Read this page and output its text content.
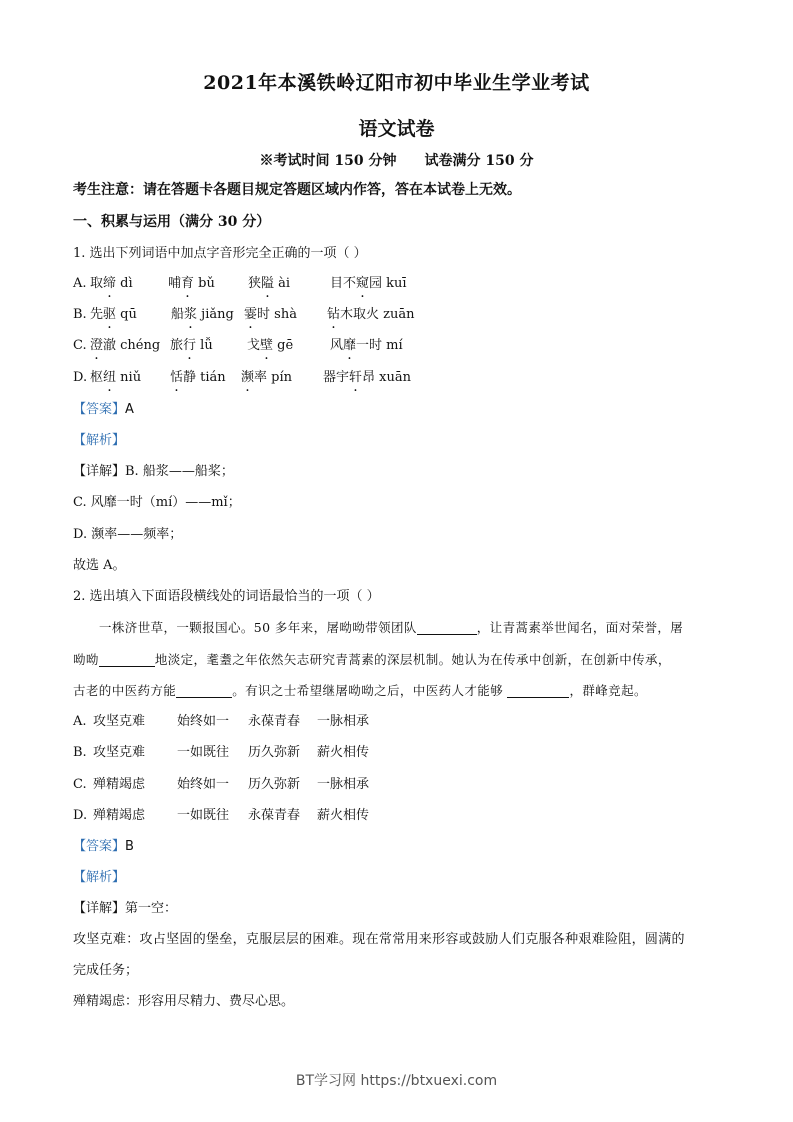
2021年本溪铁岭辽阳市初中毕业生学业考试
语文试卷
※考试时间 150 分钟 试卷满分 150 分
考生注意：请在答题卡各题目规定答题区域内作答，答在本试卷上无效。
一、积累与运用（满分 30 分）
1. 选出下列词语中加点字音形完全正确的一项（ ）
A. 取缔 dì	哺育 bǔ	狭隘 ài	目不窥园 kuī
B. 先驱 qū	船浆 jiǎng 霎时 shà 钻木取火 zuān
C. 澄澈 chéng 旅行 lǚ	戈壁 gē	风靡一时 mí
D. 枢纽 niǔ 恬静 tián 濒率 pín 器宇轩昂 xuān
【答案】A
【解析】
【详解】B. 船浆——船桨；
C. 风靡一时（mí）——mǐ；
D. 濒率——频率；
故选 A。
2. 选出填入下面语段横线处的词语最恰当的一项（ ）
一株济世草，一颗报国心。50 多年来，屠呦呦带领团队	，让青蒿素举世闻名，面对荣誉，屠
呦呦	地淡定，耄耋之年依然矢志研究青蒿素的深层机制。她认为在传承中创新，在创新中传承，
古老的中医药方能	。有识之士希望继屠呦呦之后，中医药人才能够	，群峰竞起。
A. 攻坚克难 始终如一 永葆青春 一脉相承
B. 攻坚克难 一如既往 历久弥新 薪火相传
C. 殚精竭虑 始终如一 历久弥新 一脉相承
D. 殚精竭虑 一如既往 永葆青春 薪火相传
【答案】B
【解析】
【详解】第一空：
攻坚克难：攻占坚固的堡垒，克服层层的困难。现在常常用来形容或鼓励人们克服各种艰难险阻，圆满的
完成任务；
殚精竭虑：形容用尽精力、费尽心思。
BT学习网 https://btxuexi.com
